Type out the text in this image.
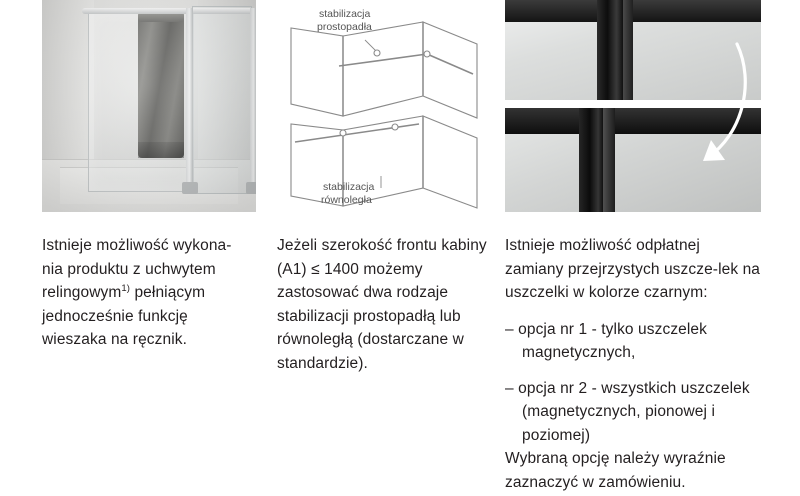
Istnieje możliwość wykona- nia produktu z uchwytem relingowym$^{1)}$ pełniącym jednocześnie funkcję wieszaka na ręcznik.

stabilizacja
prostopadła
stabilizacja
równoległa

Jeżeli szerokość frontu kabiny (A1) ≤ 1400 możemy zastosować dwa rodzaje stabilizacji prostopadłą lub równoległą (dostarczane w standardzie).

Istnieje możliwość odpłatnej zamiany przejrzystych uszcze-lek na uszczelki w kolorze czarnym:

– opcja nr 1 - tylko uszczelek magnetycznych,
– opcja nr 2 - wszystkich uszczelek (magnetycznych, pionowej i poziomej)

Wybraną opcję należy wyraźnie zaznaczyć w zamówieniu.
